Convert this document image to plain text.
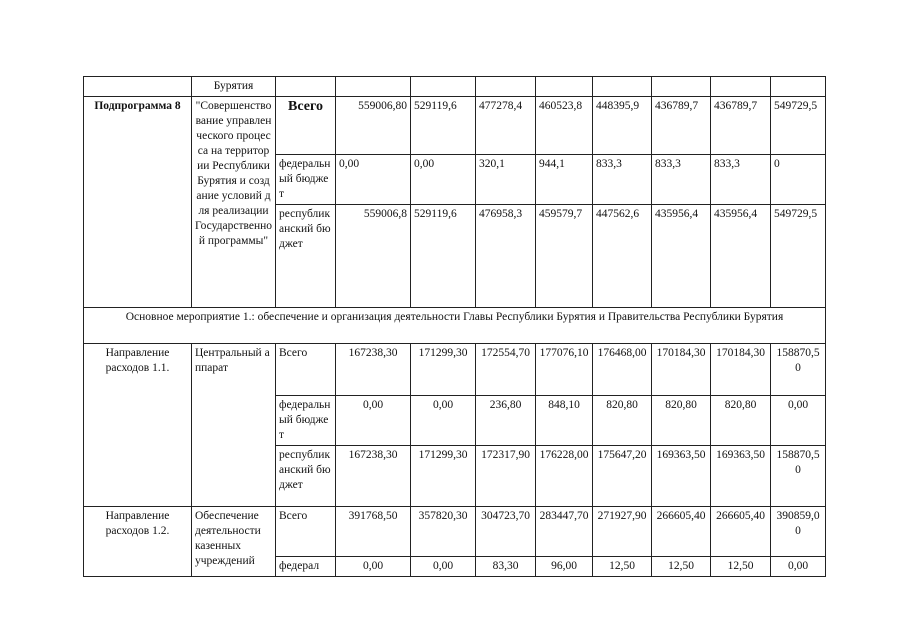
	Бурятия									
Подпрограмма 8	"Совершенствование управленческого процесса на территории Республики Бурятия и создание условий для реализации Государственной программы"	Всего	559006,80	529119,6	477278,4	460523,8	448395,9	436789,7	436789,7	549729,5
		федеральный бюджет	0,00	0,00	320,1	944,1	833,3	833,3	833,3	0
		республиканский бюджет	559006,8	529119,6	476958,3	459579,7	447562,6	435956,4	435956,4	549729,5
Основное мероприятие 1.: обеспечение и организация деятельности Главы Республики Бурятия и Правительства Республики Бурятия										
Направление расходов 1.1.	Центральный аппарат	Всего	167238,30	171299,30	172554,70	177076,10	176468,00	170184,30	170184,30	158870,50
		федеральный бюджет	0,00	0,00	236,80	848,10	820,80	820,80	820,80	0,00
		республиканский бюджет	167238,30	171299,30	172317,90	176228,00	175647,20	169363,50	169363,50	158870,50
Направление расходов 1.2.	Обеспечение деятельности казенных учреждений	Всего	391768,50	357820,30	304723,70	283447,70	271927,90	266605,40	266605,40	390859,00
		федерал	0,00	0,00	83,30	96,00	12,50	12,50	12,50	0,00
